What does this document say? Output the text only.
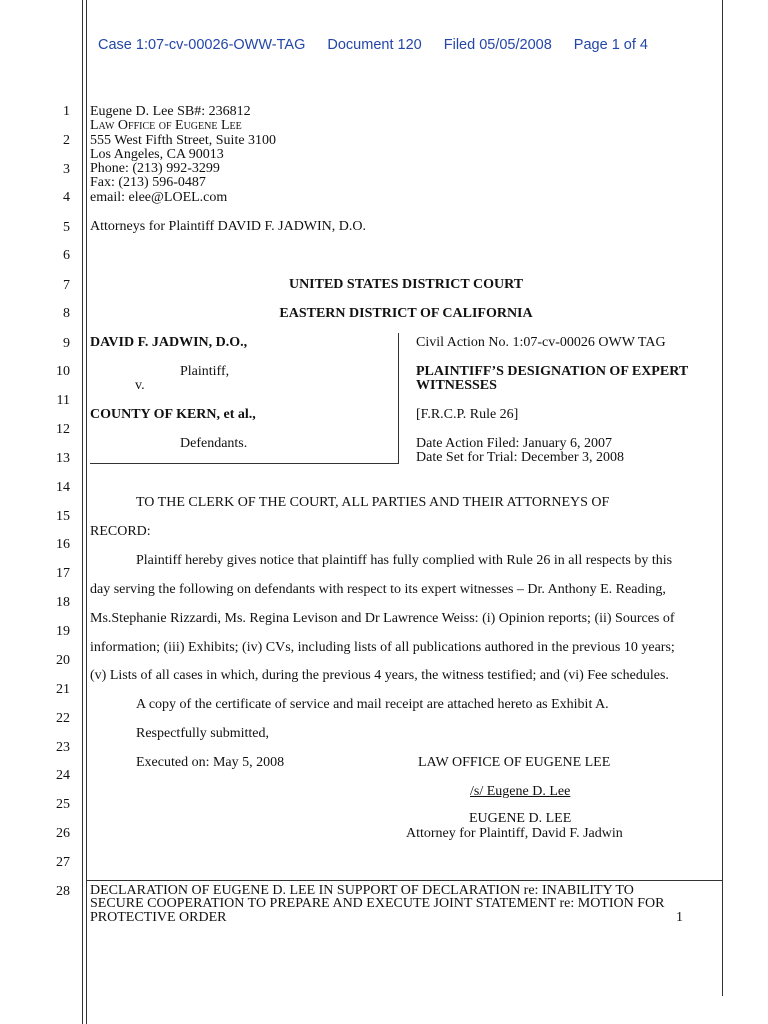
Case 1:07-cv-00026-OWW-TAG Document 120 Filed 05/05/2008 Page 1 of 4
1
2
3
4
5
6
7
8
9
10
11
12
13
14
15
16
17
18
19
20
21
22
23
24
25
26
27
28
Eugene D. Lee SB#: 236812
Law Office of Eugene Lee
555 West Fifth Street, Suite 3100
Los Angeles, CA 90013
Phone: (213) 992-3299
Fax: (213) 596-0487
email: elee@LOEL.com
Attorneys for Plaintiff DAVID F. JADWIN, D.O.
UNITED STATES DISTRICT COURT
EASTERN DISTRICT OF CALIFORNIA
DAVID F. JADWIN, D.O.,
Plaintiff,
v.
COUNTY OF KERN, et al.,
Defendants.
Civil Action No. 1:07-cv-00026 OWW TAG
PLAINTIFF’S DESIGNATION OF EXPERT
WITNESSES
[F.R.C.P. Rule 26]
Date Action Filed: January 6, 2007
Date Set for Trial: December 3, 2008
TO THE CLERK OF THE COURT, ALL PARTIES AND THEIR ATTORNEYS OF
RECORD:
Plaintiff hereby gives notice that plaintiff has fully complied with Rule 26 in all respects by this
day serving the following on defendants with respect to its expert witnesses – Dr. Anthony E. Reading,
Ms.Stephanie Rizzardi, Ms. Regina Levison and Dr Lawrence Weiss: (i) Opinion reports; (ii) Sources of
information; (iii) Exhibits; (iv) CVs, including lists of all publications authored in the previous 10 years;
(v) Lists of all cases in which, during the previous 4 years, the witness testified; and (vi) Fee schedules.
A copy of the certificate of service and mail receipt are attached hereto as Exhibit A.
Respectfully submitted,
Executed on: May 5, 2008	LAW OFFICE OF EUGENE LEE
/s/ Eugene D. Lee
EUGENE D. LEE
Attorney for Plaintiff, David F. Jadwin
DECLARATION OF EUGENE D. LEE IN SUPPORT OF DECLARATION re: INABILITY TO
SECURE COOPERATION TO PREPARE AND EXECUTE JOINT STATEMENT re: MOTION FOR
PROTECTIVE ORDER	1
